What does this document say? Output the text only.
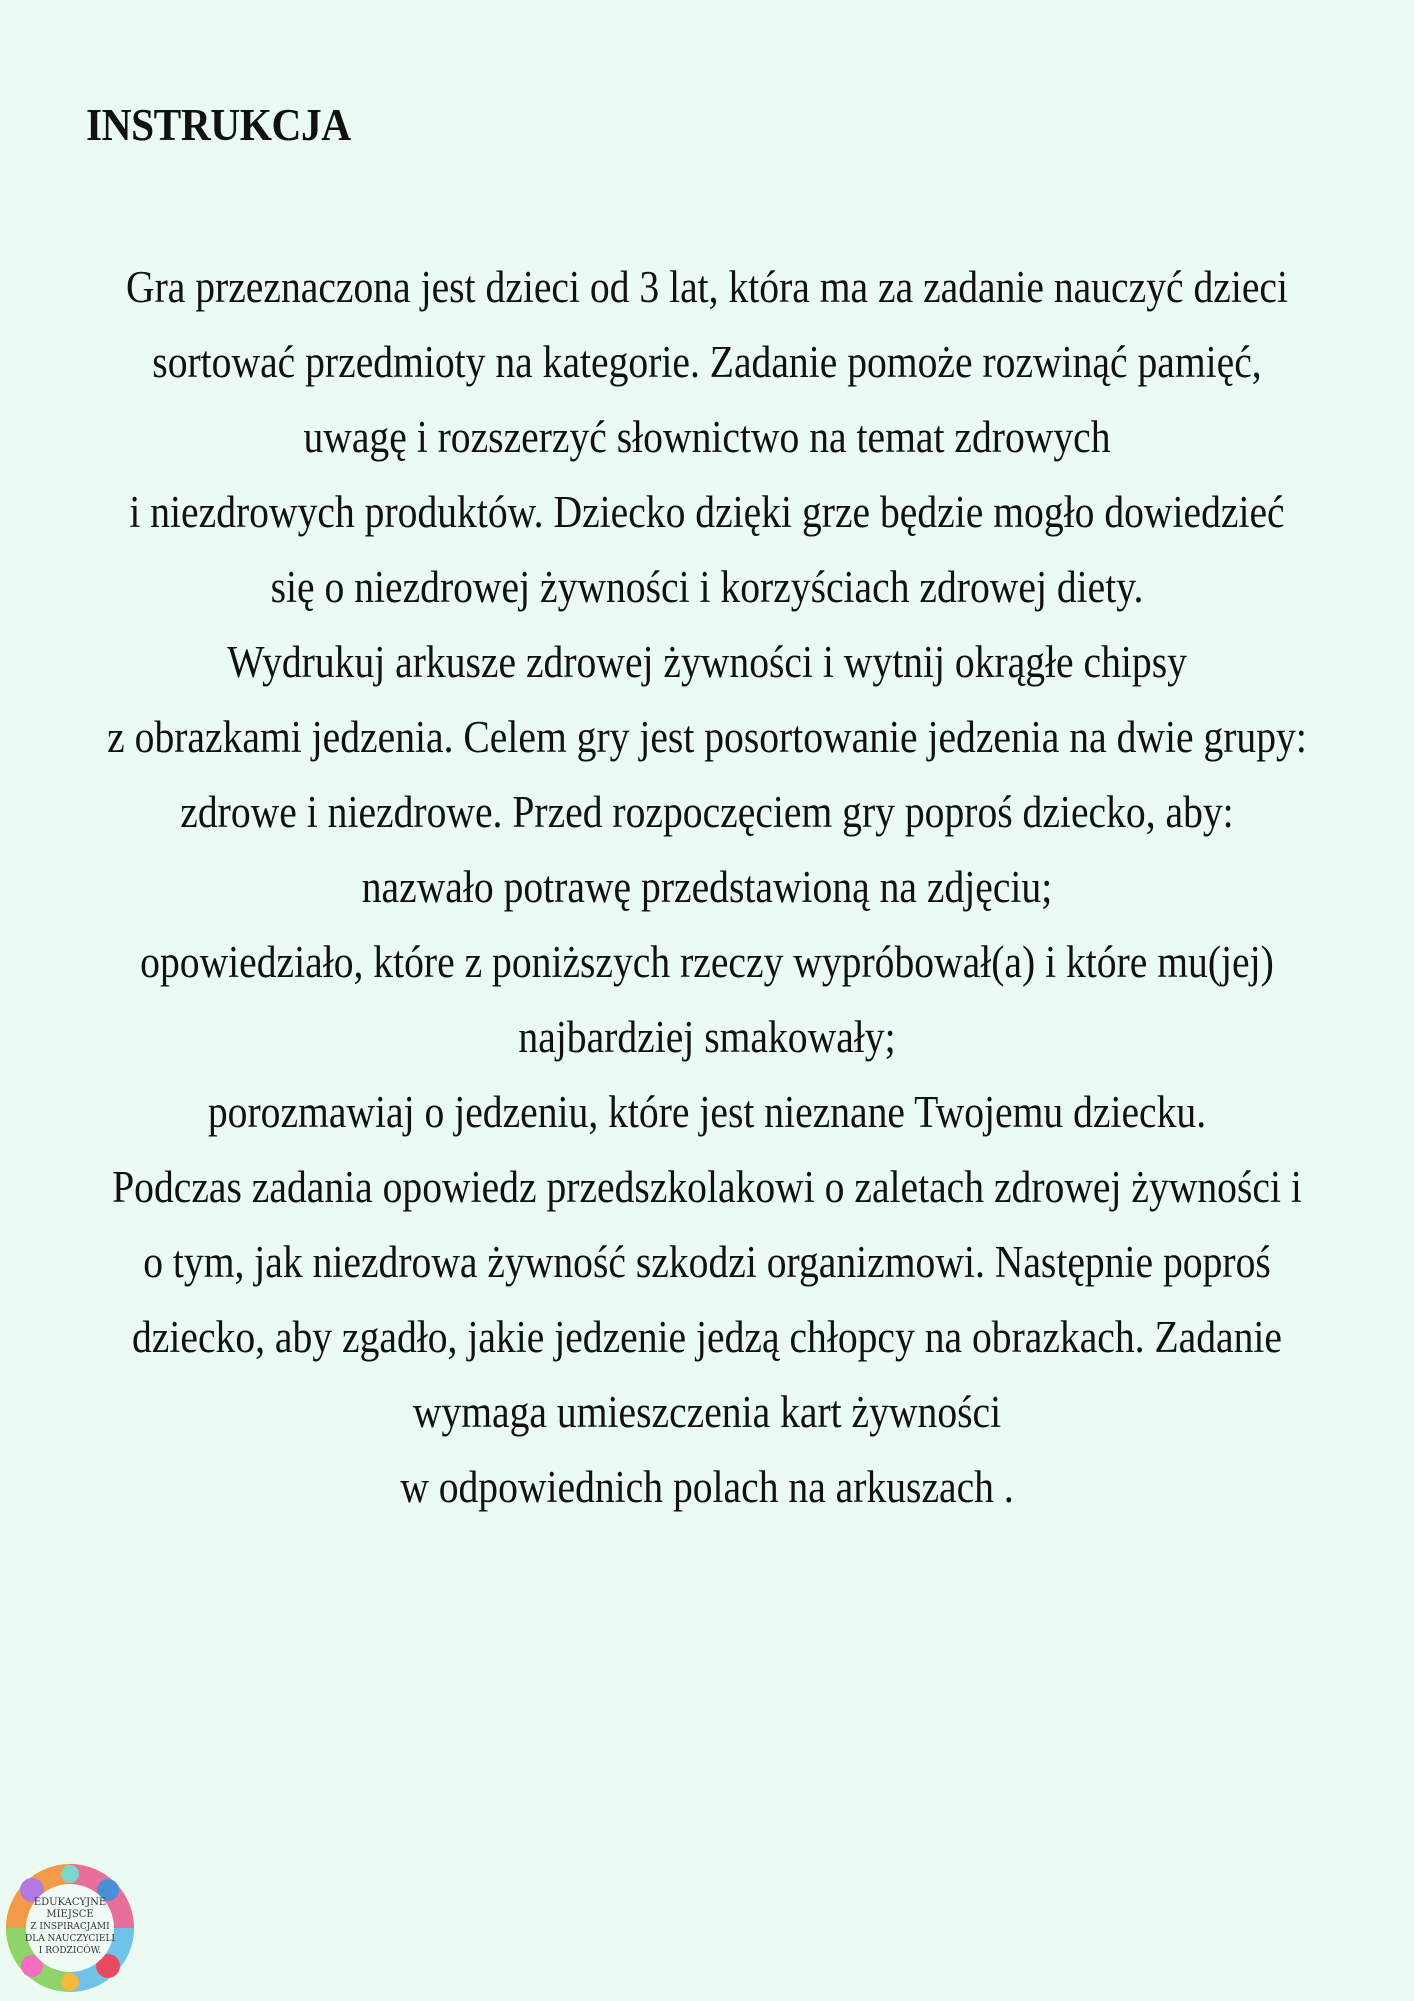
INSTRUKCJA
Gra przeznaczona jest dzieci od 3 lat, która ma za zadanie nauczyć dzieci
sortować przedmioty na kategorie. Zadanie pomoże rozwinąć pamięć,
uwagę i rozszerzyć słownictwo na temat zdrowych
i niezdrowych produktów. Dziecko dzięki grze będzie mogło dowiedzieć
się o niezdrowej żywności i korzyściach zdrowej diety.
Wydrukuj arkusze zdrowej żywności i wytnij okrągłe chipsy
z obrazkami jedzenia. Celem gry jest posortowanie jedzenia na dwie grupy:
zdrowe i niezdrowe. Przed rozpoczęciem gry poproś dziecko, aby:
nazwało potrawę przedstawioną na zdjęciu;
opowiedziało, które z poniższych rzeczy wypróbował(a) i które mu(jej)
najbardziej smakowały;
porozmawiaj o jedzeniu, które jest nieznane Twojemu dziecku.
Podczas zadania opowiedz przedszkolakowi o zaletach zdrowej żywności i
o tym, jak niezdrowa żywność szkodzi organizmowi. Następnie poproś
dziecko, aby zgadło, jakie jedzenie jedzą chłopcy na obrazkach. Zadanie
wymaga umieszczenia kart żywności
w odpowiednich polach na arkuszach .
EDUKACYJNE
MIEJSCE
Z INSPIRACJAMI
DLA NAUCZYCIELI
I RODZICÓW.
